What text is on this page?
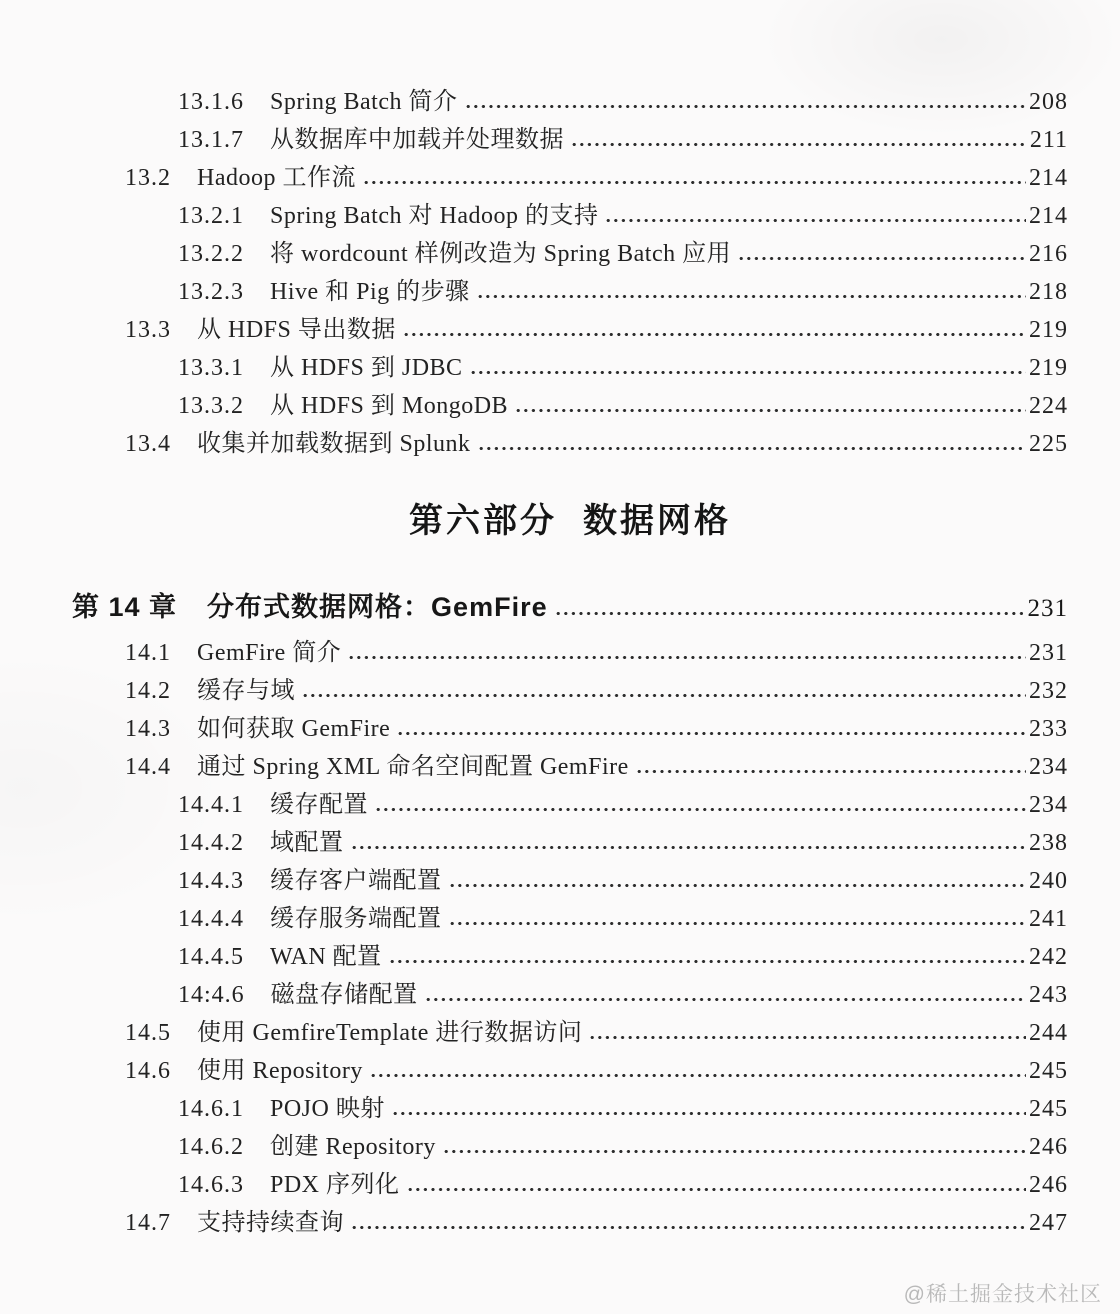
13.1.6 Spring Batch 简介	208
13.1.7 从数据库中加载并处理数据	211
13.2 Hadoop 工作流	214
13.2.1 Spring Batch 对 Hadoop 的支持	214
13.2.2 将 wordcount 样例改造为 Spring Batch 应用	216
13.2.3 Hive 和 Pig 的步骤	218
13.3 从 HDFS 导出数据	219
13.3.1 从 HDFS 到 JDBC	219
13.3.2 从 HDFS 到 MongoDB	224
13.4 收集并加载数据到 Splunk	225
第六部分 数据网格
第 14 章 分布式数据网格：GemFire	231
14.1 GemFire 简介	231
14.2 缓存与域	232
14.3 如何获取 GemFire	233
14.4 通过 Spring XML 命名空间配置 GemFire	234
14.4.1 缓存配置	234
14.4.2 域配置	238
14.4.3 缓存客户端配置	240
14.4.4 缓存服务端配置	241
14.4.5 WAN 配置	242
14:4.6 磁盘存储配置	243
14.5 使用 GemfireTemplate 进行数据访问	244
14.6 使用 Repository	245
14.6.1 POJO 映射	245
14.6.2 创建 Repository	246
14.6.3 PDX 序列化	246
14.7 支持持续查询	247
@稀土掘金技术社区
